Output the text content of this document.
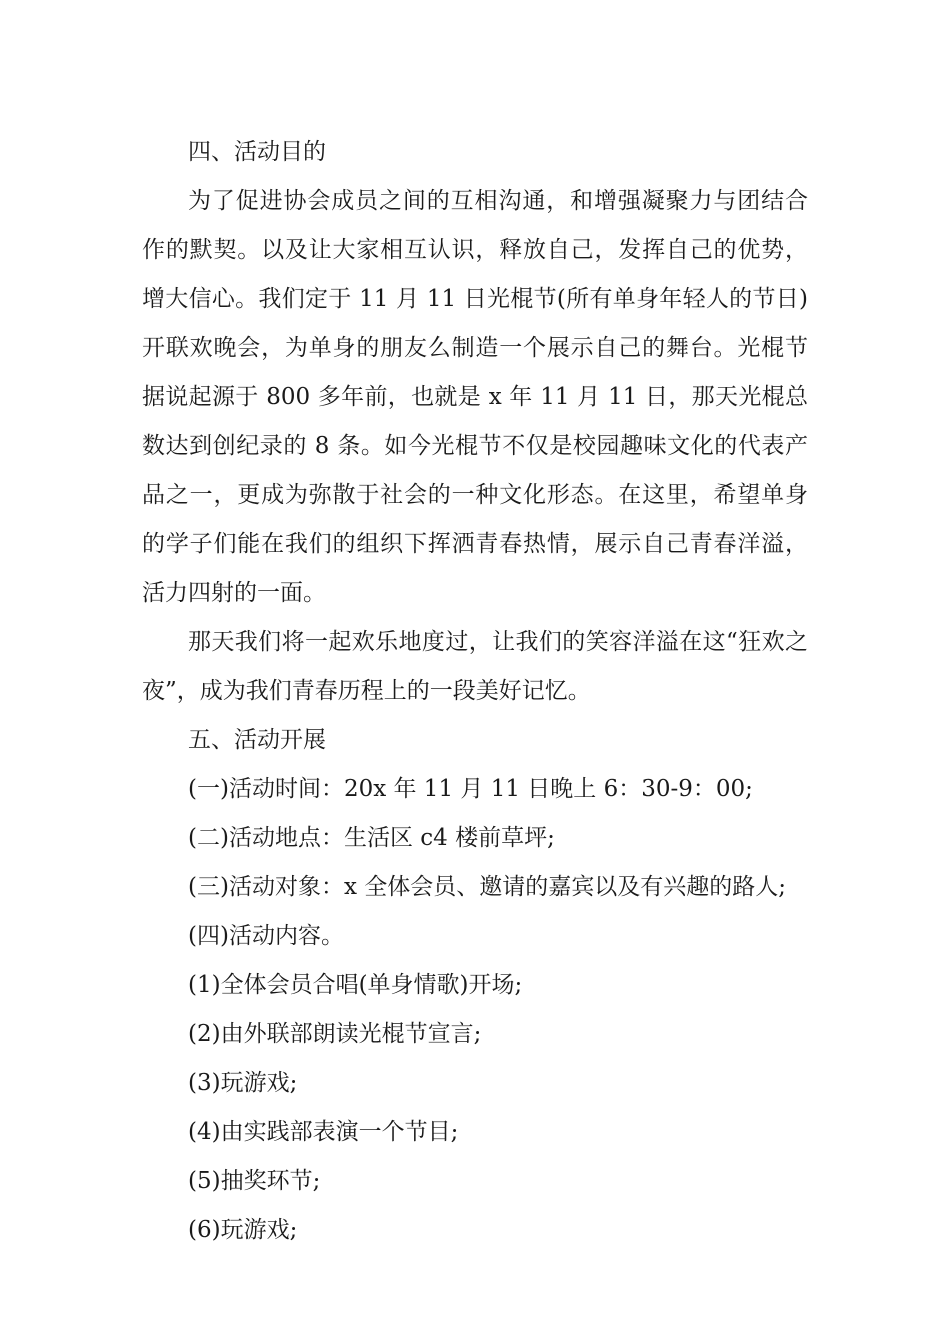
四、活动目的

为了促进协会成员之间的互相沟通，和增强凝聚力与团结合作的默契。以及让大家相互认识，释放自己，发挥自己的优势，增大信心。我们定于 11 月 11 日光棍节(所有单身年轻人的节日)开联欢晚会，为单身的朋友么制造一个展示自己的舞台。光棍节据说起源于 800 多年前，也就是 x 年 11 月 11 日，那天光棍总数达到创纪录的 8 条。如今光棍节不仅是校园趣味文化的代表产品之一，更成为弥散于社会的一种文化形态。在这里，希望单身的学子们能在我们的组织下挥洒青春热情，展示自己青春洋溢，活力四射的一面。

那天我们将一起欢乐地度过，让我们的笑容洋溢在这“狂欢之夜”，成为我们青春历程上的一段美好记忆。

五、活动开展

(一)活动时间：20x 年 11 月 11 日晚上 6：30-9：00;

(二)活动地点：生活区 c4 楼前草坪;

(三)活动对象：x 全体会员、邀请的嘉宾以及有兴趣的路人;

(四)活动内容。

(1)全体会员合唱(单身情歌)开场;

(2)由外联部朗读光棍节宣言;

(3)玩游戏;

(4)由实践部表演一个节目;

(5)抽奖环节;

(6)玩游戏;
